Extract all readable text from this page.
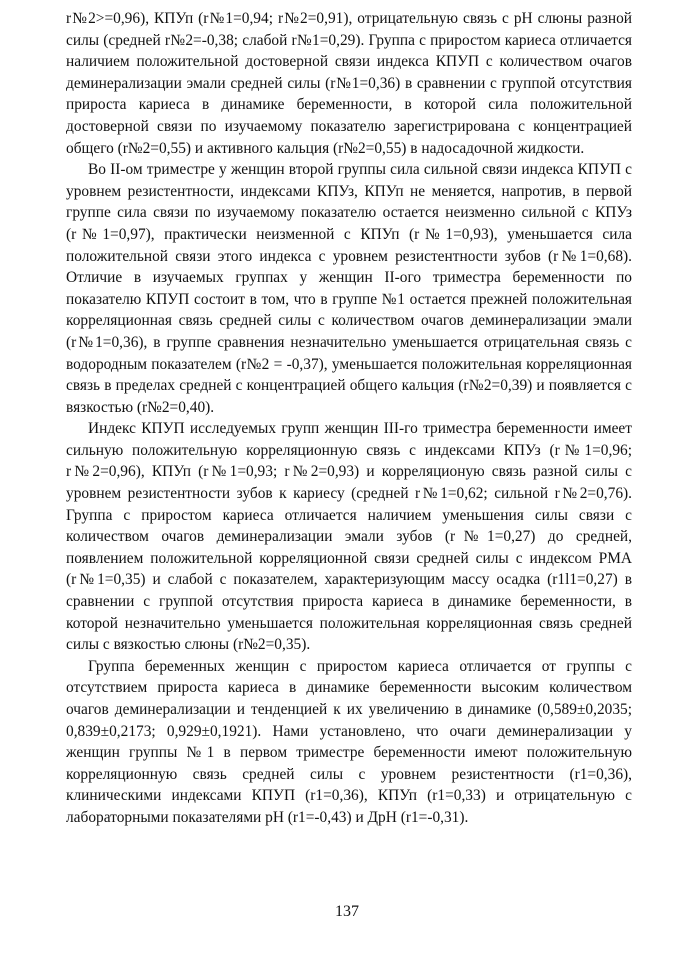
r№2>=0,96), КПУп (r№1=0,94; r№2=0,91), отрицательную связь с рН слюны разной силы (средней r№2=-0,38; слабой r№1=0,29). Группа с приростом кариеса отличается наличием положительной достоверной связи индекса КПУП с количеством очагов деминерализации эмали средней силы (r№1=0,36) в сравнении с группой отсутствия прироста кариеса в динамике беременности, в которой сила положительной достоверной связи по изучаемому показателю зарегистрирована с концентрацией общего (r№2=0,55) и активного кальция (r№2=0,55) в надосадочной жидкости.

Во II-ом триместре у женщин второй группы сила сильной связи индекса КПУП с уровнем резистентности, индексами КПУз, КПУп не меняется, напротив, в первой группе сила связи по изучаемому показателю остается неизменно сильной с КПУз (r№1=0,97), практически неизменной с КПУп (r№1=0,93), уменьшается сила положительной связи этого индекса с уровнем резистентности зубов (r№1=0,68). Отличие в изучаемых группах у женщин II-ого триместра беременности по показателю КПУП состоит в том, что в группе №1 остается прежней положительная корреляционная связь средней силы с количеством очагов деминерализации эмали (r№1=0,36), в группе сравнения незначительно уменьшается отрицательная связь с водородным показателем (r№2 = -0,37), уменьшается положительная корреляционная связь в пределах средней с концентрацией общего кальция (r№2=0,39) и появляется с вязкостью (r№2=0,40).

Индекс КПУП исследуемых групп женщин III-го триместра беременности имеет сильную положительную корреляционную связь с индексами КПУз (r№1=0,96; r№2=0,96), КПУп (r№1=0,93; r№2=0,93) и корреляционую связь разной силы с уровнем резистентности зубов к кариесу (средней r№1=0,62; сильной r№2=0,76). Группа с приростом кариеса отличается наличием уменьшения силы связи с количеством очагов деминерализации эмали зубов (r№1=0,27) до средней, появлением положительной корреляционной связи средней силы с индексом РМА (r№1=0,35) и слабой с показателем, характеризующим массу осадка (r1l1=0,27) в сравнении с группой отсутствия прироста кариеса в динамике беременности, в которой незначительно уменьшается положительная корреляционная связь средней силы с вязкостью слюны (r№2=0,35).

Группа беременных женщин с приростом кариеса отличается от группы с отсутствием прироста кариеса в динамике беременности высоким количеством очагов деминерализации и тенденцией к их увеличению в динамике (0,589±0,2035; 0,839±0,2173; 0,929±0,1921). Нами установлено, что очаги деминерализации у женщин группы №1 в первом триместре беременности имеют положительную корреляционную связь средней силы с уровнем резистентности (r1=0,36), клиническими индексами КПУП (r1=0,36), КПУп (r1=0,33) и отрицательную с лабораторными показателями рН (r1=-0,43) и ДрН (r1=-0,31).

137
